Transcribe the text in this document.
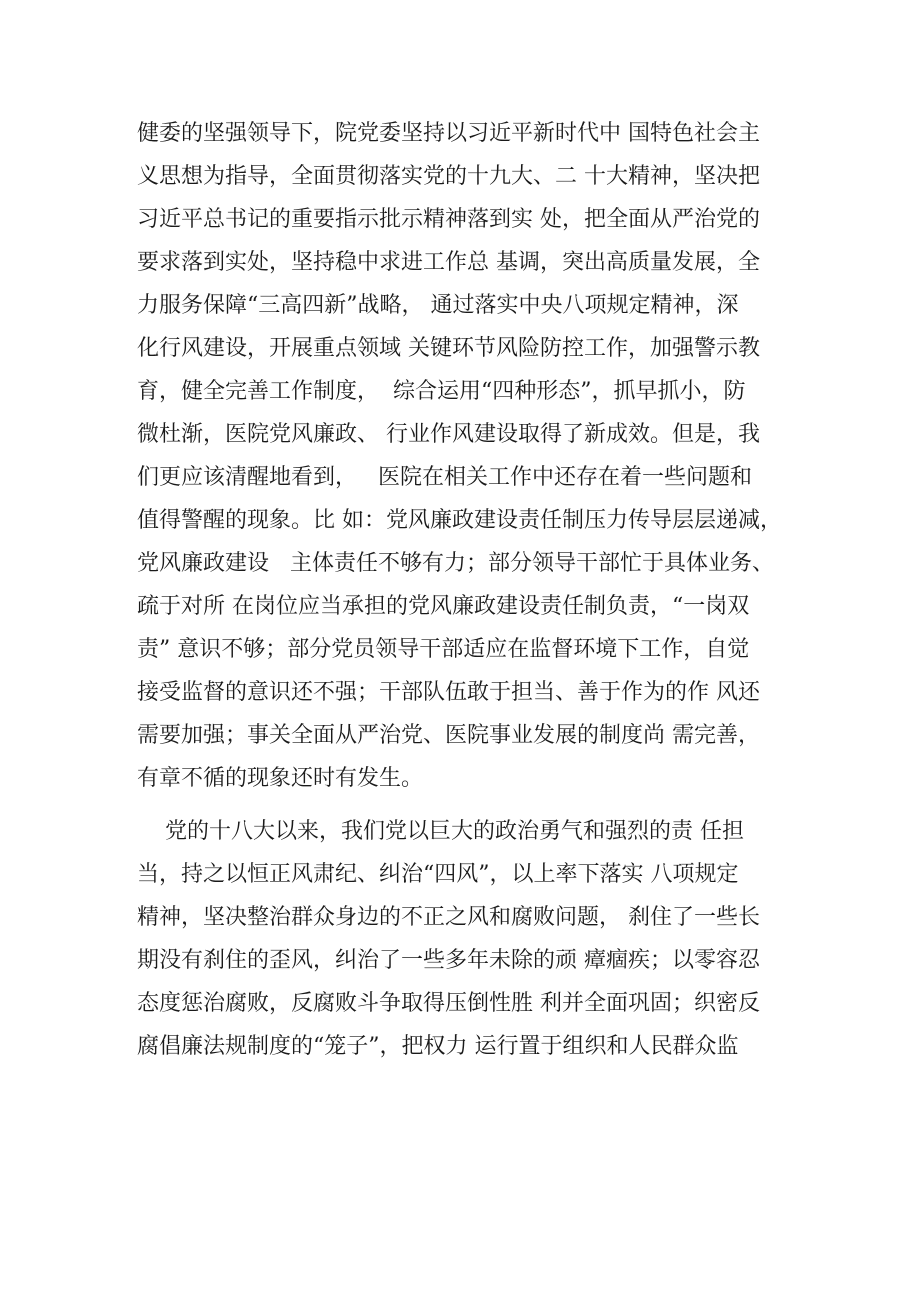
健委的坚强领导下，院党委坚持以习近平新时代中 国特色社会主
义思想为指导，全面贯彻落实党的十九大、二 十大精神，坚决把
习近平总书记的重要指示批示精神落到实 处，把全面从严治党的
要求落到实处，坚持稳中求进工作总 基调，突出高质量发展，全
力服务保障“三高四新”战略， 通过落实中央八项规定精神，深
化行风建设，开展重点领域 关键环节风险防控工作，加强警示教
育，健全完善工作制度，  综合运用“四种形态”，抓早抓小，防
微杜渐，医院党风廉政、 行业作风建设取得了新成效。但是，我
们更应该清醒地看到，   医院在相关工作中还存在着一些问题和
值得警醒的现象。比 如：党风廉政建设责任制压力传导层层递减，
党风廉政建设   主体责任不够有力；部分领导干部忙于具体业务、
疏于对所 在岗位应当承担的党风廉政建设责任制负责，“一岗双
责” 意识不够；部分党员领导干部适应在监督环境下工作，自觉
接受监督的意识还不强；干部队伍敢于担当、善于作为的作 风还
需要加强；事关全面从严治党、医院事业发展的制度尚 需完善，
有章不循的现象还时有发生。
党的十八大以来，我们党以巨大的政治勇气和强烈的责 任担
当，持之以恒正风肃纪、纠治“四风”，以上率下落实 八项规定
精神，坚决整治群众身边的不正之风和腐败问题， 刹住了一些长
期没有刹住的歪风，纠治了一些多年未除的顽 瘴痼疾；以零容忍
态度惩治腐败，反腐败斗争取得压倒性胜 利并全面巩固；织密反
腐倡廉法规制度的“笼子”，把权力 运行置于组织和人民群众监
